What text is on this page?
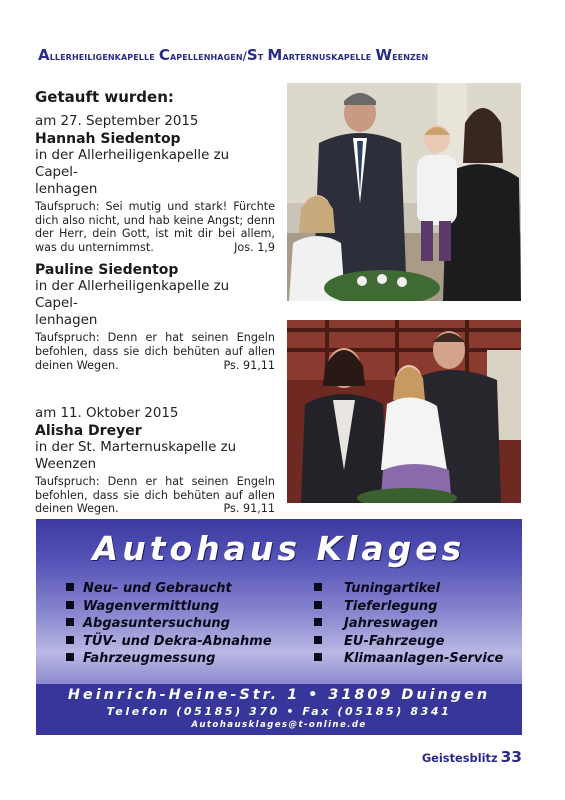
Allerheiligenkapelle Capellenhagen/St Marternuskapelle Weenzen
Getauft wurden:
am 27. September 2015
Hannah Siedentop
in der Allerheiligenkapelle zu Capel-
lenhagen
Taufspruch: Sei mutig und stark! Fürchte dich also nicht, und hab keine Angst; denn der Herr, dein Gott, ist mit dir bei allem, was du unternimmst.	Jos. 1,9
Pauline Siedentop
in der Allerheiligenkapelle zu Capel-
lenhagen
Taufspruch: Denn er hat seinen Engeln befohlen, dass sie dich behüten auf allen deinen Wegen.	Ps. 91,11
am 11. Oktober 2015
Alisha Dreyer
in der St. Marternuskapelle zu
Weenzen
Taufspruch: Denn er hat seinen Engeln befohlen, dass sie dich behüten auf allen deinen Wegen.	Ps. 91,11
Autohaus Klages
Neu– und Gebraucht
Wagenvermittlung
Abgasuntersuchung
TÜV- und Dekra-Abnahme
Fahrzeugmessung
Tuningartikel
Tieferlegung
Jahreswagen
EU-Fahrzeuge
Klimaanlagen-Service
Heinrich-Heine-Str. 1 • 31809 Duingen
Telefon (05185) 370 • Fax (05185) 8341
Autohausklages@t-online.de
Geistesblitz 33
